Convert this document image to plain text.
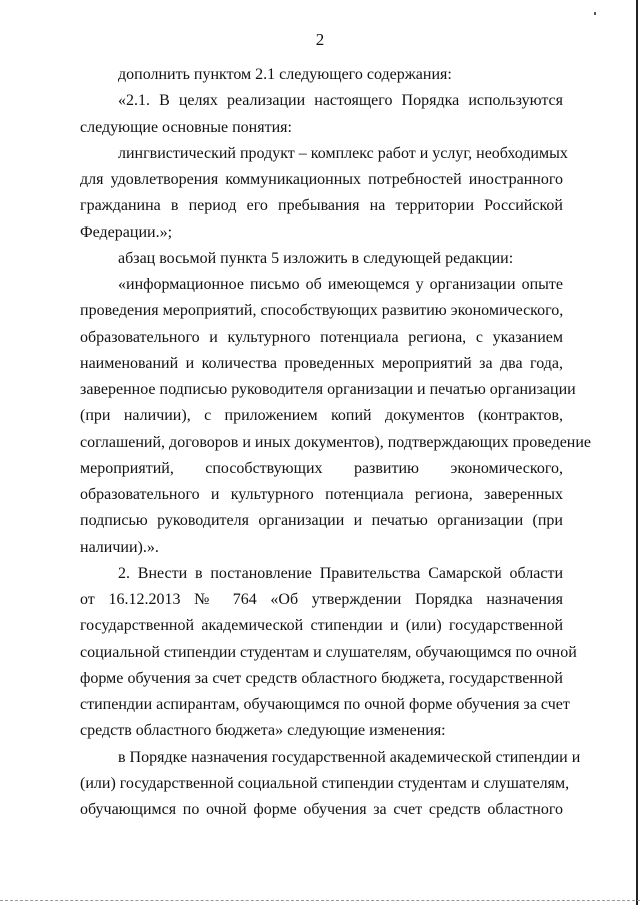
2
дополнить пунктом 2.1 следующего содержания:
«2.1. В целях реализации настоящего Порядка используются
следующие основные понятия:
лингвистический продукт – комплекс работ и услуг, необходимых
для удовлетворения коммуникационных потребностей иностранного
гражданина в период его пребывания на территории Российской
Федерации.»;
абзац восьмой пункта 5 изложить в следующей редакции:
«информационное письмо об имеющемся у организации опыте
проведения мероприятий, способствующих развитию экономического,
образовательного и культурного потенциала региона, с указанием
наименований и количества проведенных мероприятий за два года,
заверенное подписью руководителя организации и печатью организации
(при наличии), с приложением копий документов (контрактов,
соглашений, договоров и иных документов), подтверждающих проведение
мероприятий, способствующих развитию экономического,
образовательного и культурного потенциала региона, заверенных
подписью руководителя организации и печатью организации (при
наличии).».
2. Внести в постановление Правительства Самарской области
от 16.12.2013 № 764 «Об утверждении Порядка назначения
государственной академической стипендии и (или) государственной
социальной стипендии студентам и слушателям, обучающимся по очной
форме обучения за счет средств областного бюджета, государственной
стипендии аспирантам, обучающимся по очной форме обучения за счет
средств областного бюджета» следующие изменения:
в Порядке назначения государственной академической стипендии и
(или) государственной социальной стипендии студентам и слушателям,
обучающимся по очной форме обучения за счет средств областного
